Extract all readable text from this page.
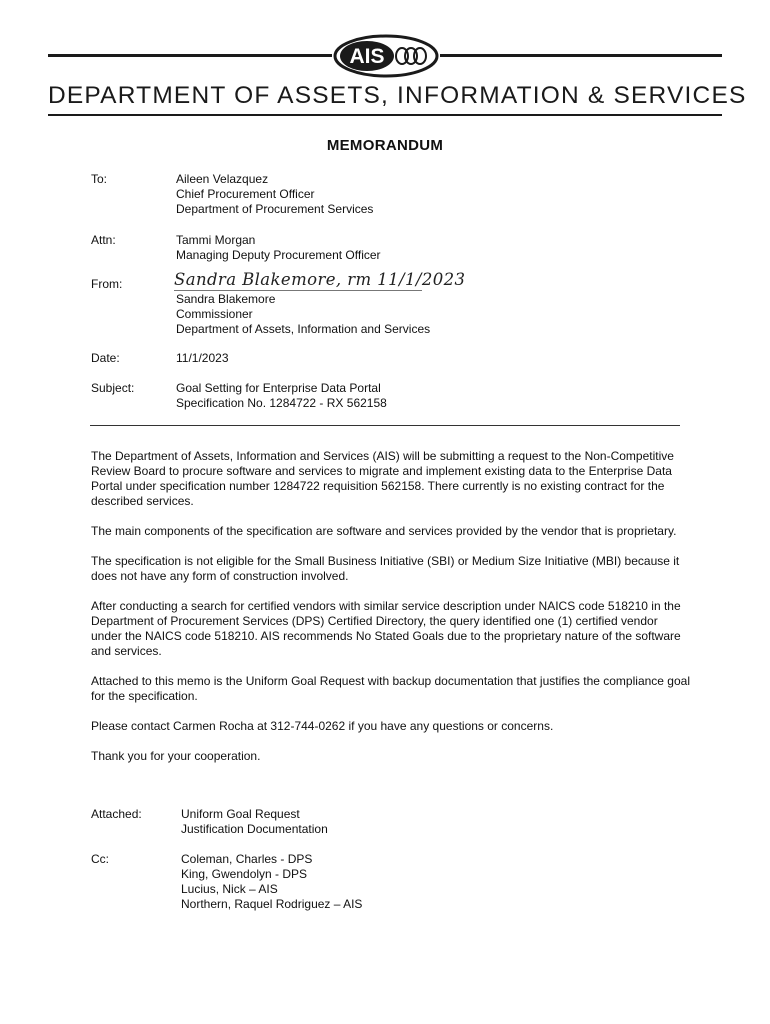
AIS
DEPARTMENT OF ASSETS, INFORMATION & SERVICES
MEMORANDUM
To:	Aileen Velazquez
Chief Procurement Officer
Department of Procurement Services
Attn:	Tammi Morgan
Managing Deputy Procurement Officer
From:	Sandra Blakemore, rm 11/1/2023
Sandra Blakemore
Commissioner
Department of Assets, Information and Services
Date:	11/1/2023
Subject:	Goal Setting for Enterprise Data Portal
Specification No. 1284722 - RX 562158

The Department of Assets, Information and Services (AIS) will be submitting a request to the Non-Competitive Review Board to procure software and services to migrate and implement existing data to the Enterprise Data Portal under specification number 1284722 requisition 562158. There currently is no existing contract for the described services.

The main components of the specification are software and services provided by the vendor that is proprietary.

The specification is not eligible for the Small Business Initiative (SBI) or Medium Size Initiative (MBI) because it does not have any form of construction involved.

After conducting a search for certified vendors with similar service description under NAICS code 518210 in the Department of Procurement Services (DPS) Certified Directory, the query identified one (1) certified vendor under the NAICS code 518210. AIS recommends No Stated Goals due to the proprietary nature of the software and services.

Attached to this memo is the Uniform Goal Request with backup documentation that justifies the compliance goal for the specification.

Please contact Carmen Rocha at 312-744-0262 if you have any questions or concerns.

Thank you for your cooperation.

Attached:	Uniform Goal Request
Justification Documentation
Cc:	Coleman, Charles - DPS
King, Gwendolyn - DPS
Lucius, Nick – AIS
Northern, Raquel Rodriguez – AIS
